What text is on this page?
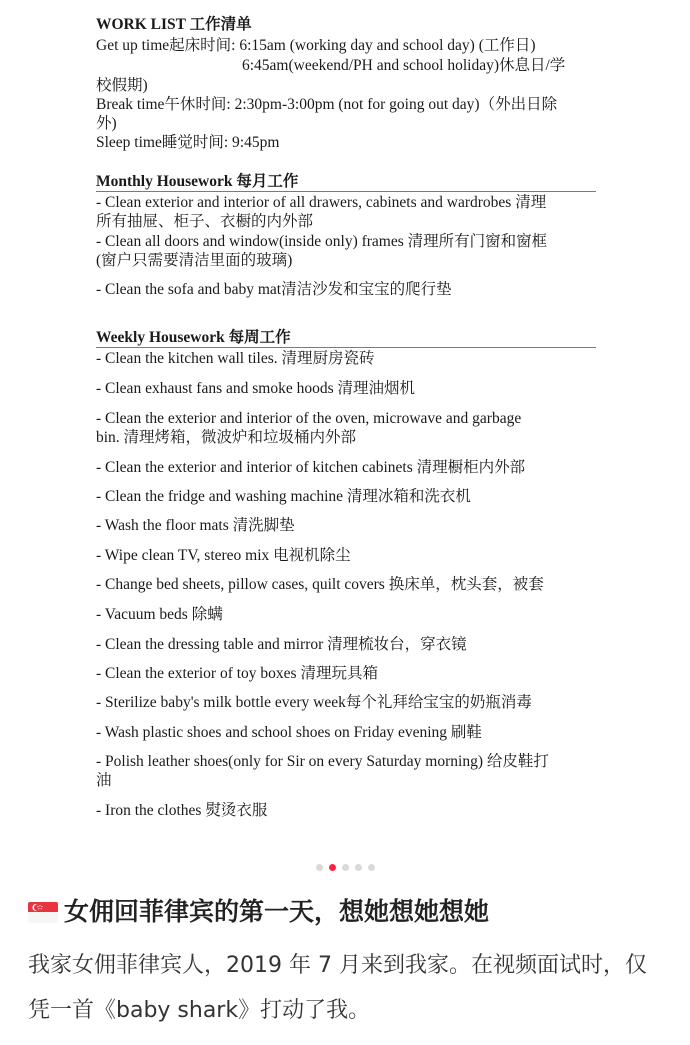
WORK LIST 工作清单
Get up time起床时间: 6:15am (working day and school day) (工作日)
6:45am(weekend/PH and school holiday)休息日/学
校假期)
Break time午休时间: 2:30pm-3:00pm (not for going out day)（外出日除
外)
Sleep time睡觉时间: 9:45pm
Monthly Housework 每月工作
- Clean exterior and interior of all drawers, cabinets and wardrobes 清理
所有抽屉、柜子、衣橱的内外部
- Clean all doors and window(inside only) frames 清理所有门窗和窗框
(窗户只需要清洁里面的玻璃)
- Clean the sofa and baby mat清洁沙发和宝宝的爬行垫
Weekly Housework 每周工作
- Clean the kitchen wall tiles. 清理厨房瓷砖
- Clean exhaust fans and smoke hoods 清理油烟机
- Clean the exterior and interior of the oven, microwave and garbage
bin. 清理烤箱，微波炉和垃圾桶内外部
- Clean the exterior and interior of kitchen cabinets 清理橱柜内外部
- Clean the fridge and washing machine 清理冰箱和洗衣机
- Wash the floor mats 清洗脚垫
- Wipe clean TV, stereo mix 电视机除尘
- Change bed sheets, pillow cases, quilt covers 换床单，枕头套，被套
- Vacuum beds 除螨
- Clean the dressing table and mirror 清理梳妆台，穿衣镜
- Clean the exterior of toy boxes 清理玩具箱
- Sterilize baby's milk bottle every week每个礼拜给宝宝的奶瓶消毒
- Wash plastic shoes and school shoes on Friday evening 刷鞋
- Polish leather shoes(only for Sir on every Saturday morning) 给皮鞋打
油
- Iron the clothes 熨烫衣服
女佣回菲律宾的第一天，想她想她想她
我家女佣菲律宾人，2019 年 7 月来到我家。在视频面试时，仅凭一首《baby shark》打动了我。
